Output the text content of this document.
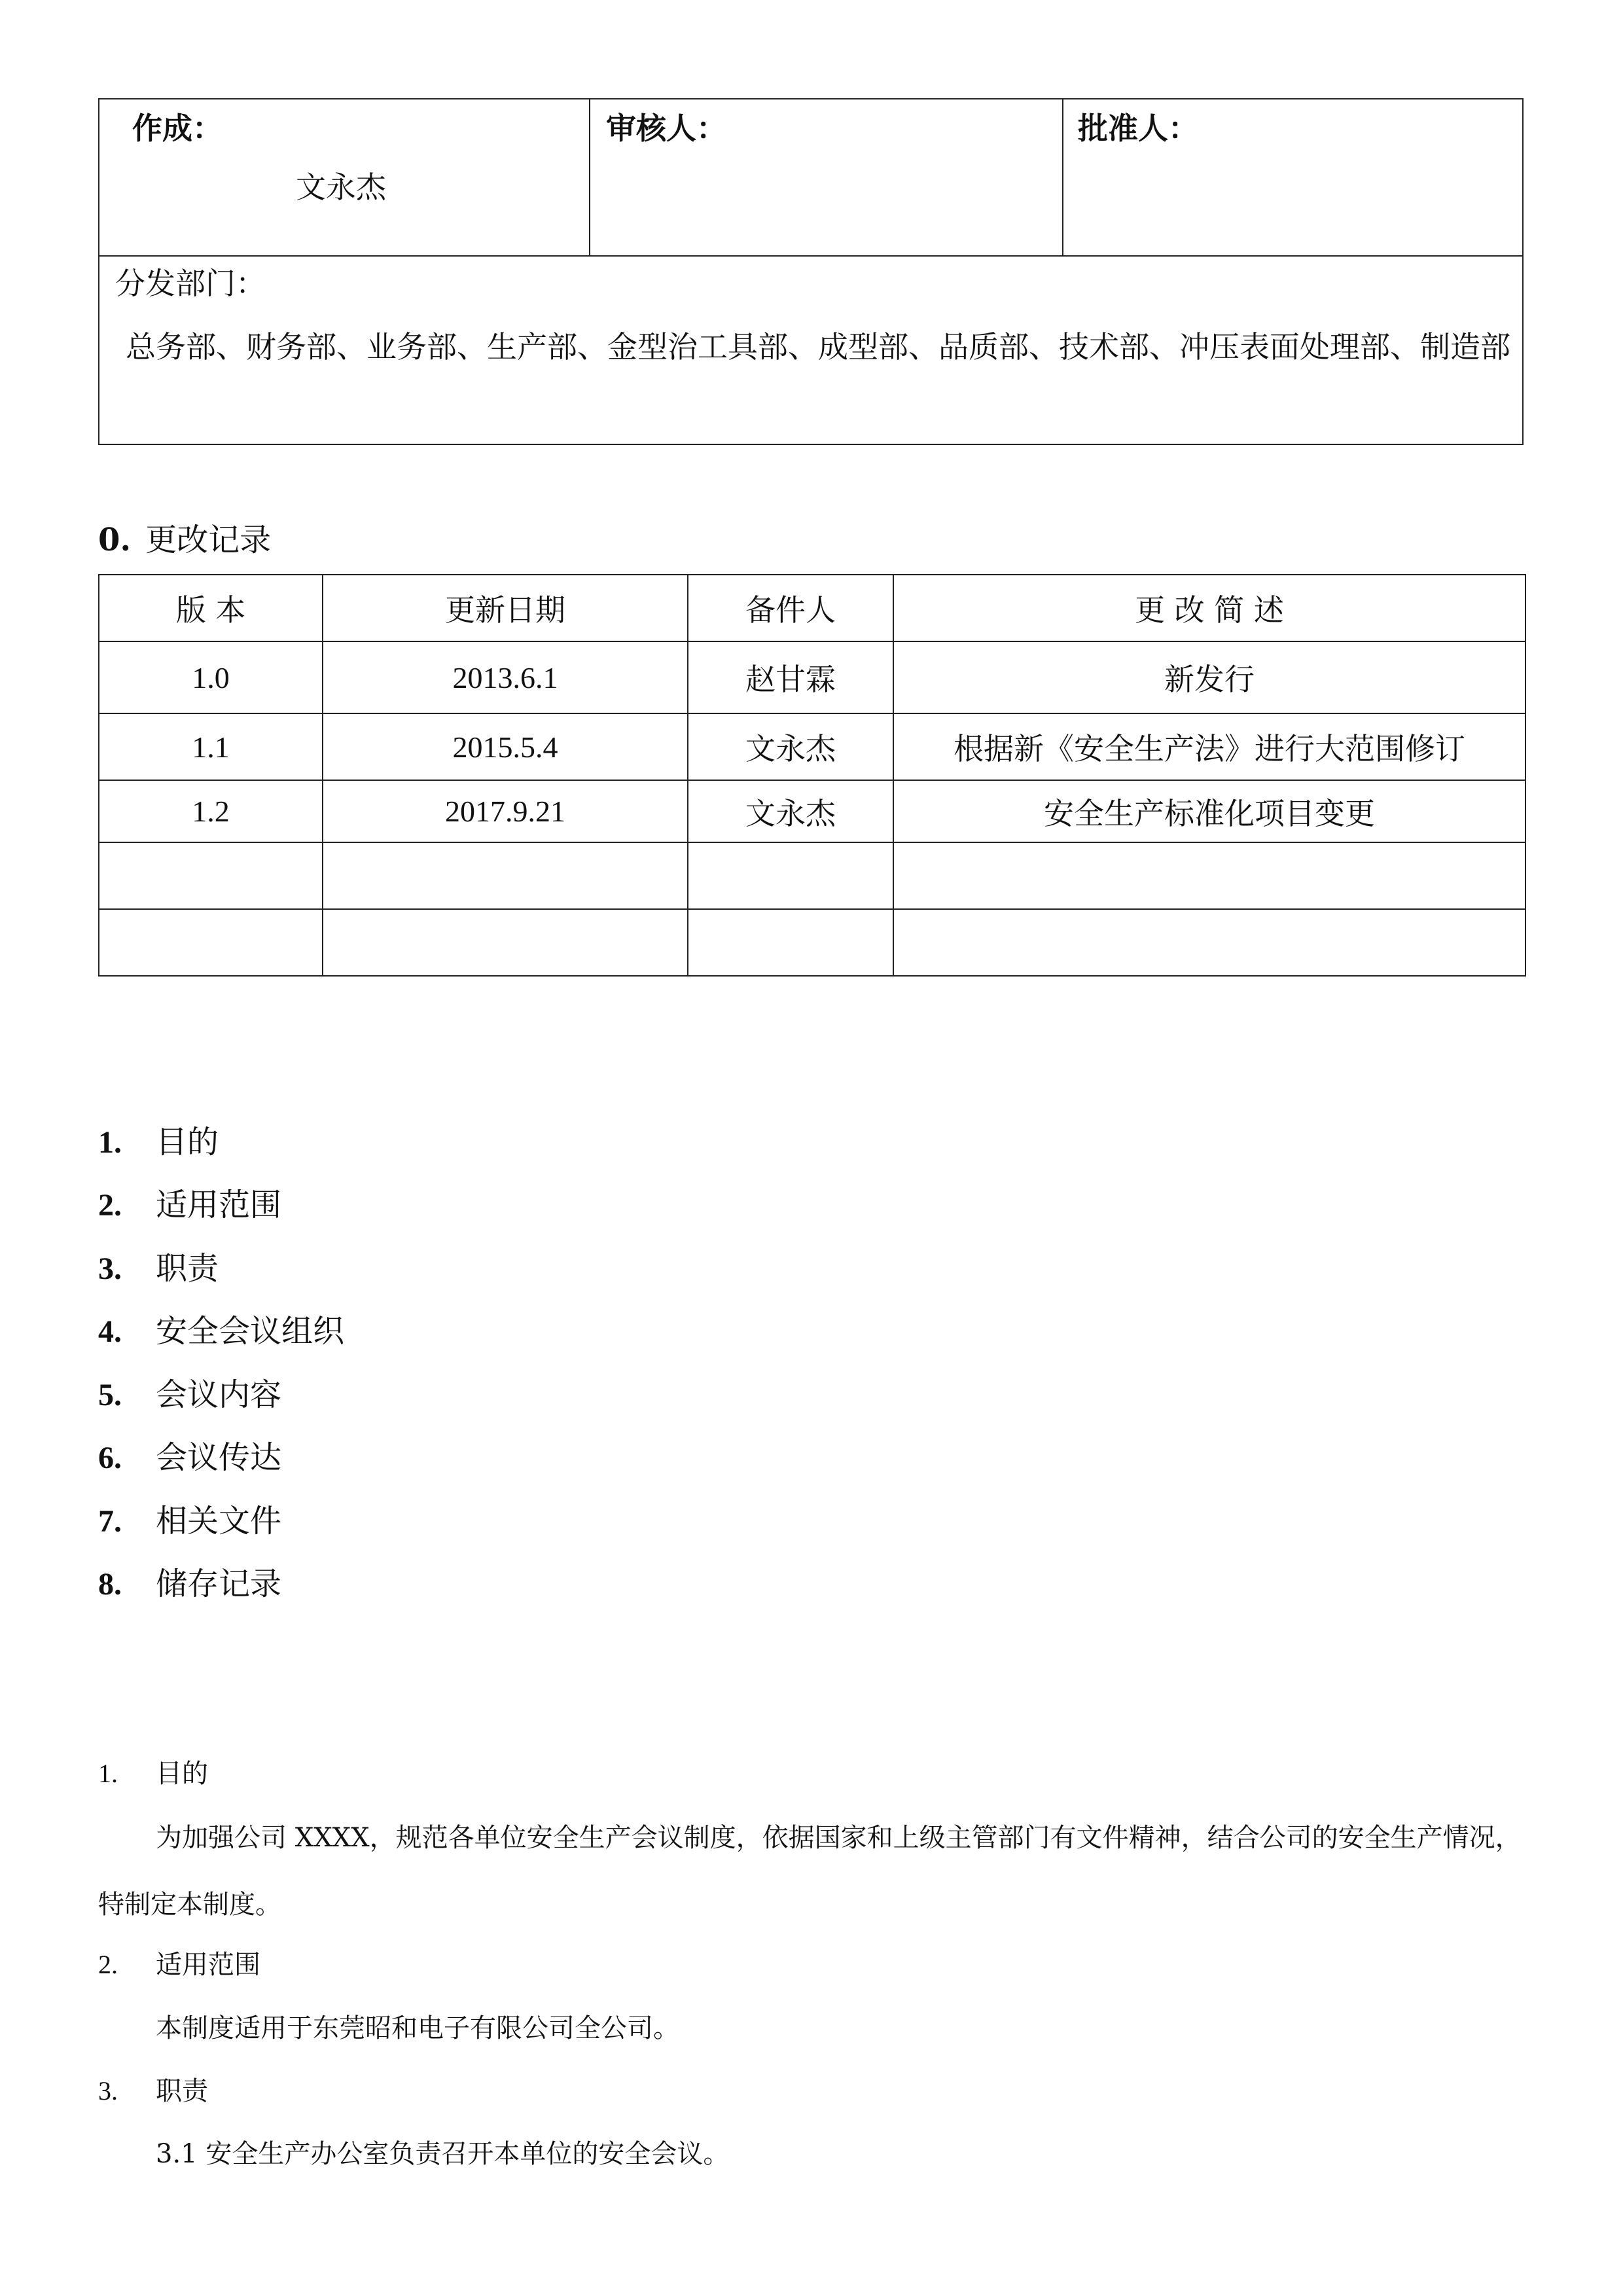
作成：
文永杰
审核人：	批准人：
分发部门：
总务部、财务部、业务部、生产部、金型治工具部、成型部、品质部、技术部、冲压表面处理部、制造部
0. 更改记录
版 本	更新日期	备件人	更 改 简 述
1.0	2013.6.1	赵甘霖	新发行
1.1	2015.5.4	文永杰	根据新《安全生产法》进行大范围修订
1.2	2017.9.21	文永杰	安全生产标准化项目变更

1. 目的
2. 适用范围
3. 职责
4. 安全会议组织
5. 会议内容
6. 会议传达
7. 相关文件
8. 储存记录
1. 目的
为加强公司 XXXX，规范各单位安全生产会议制度，依据国家和上级主管部门有文件精神，结合公司的安全生产情况，特制定本制度。
2. 适用范围
本制度适用于东莞昭和电子有限公司全公司。
3. 职责
3.1 安全生产办公室负责召开本单位的安全会议。
